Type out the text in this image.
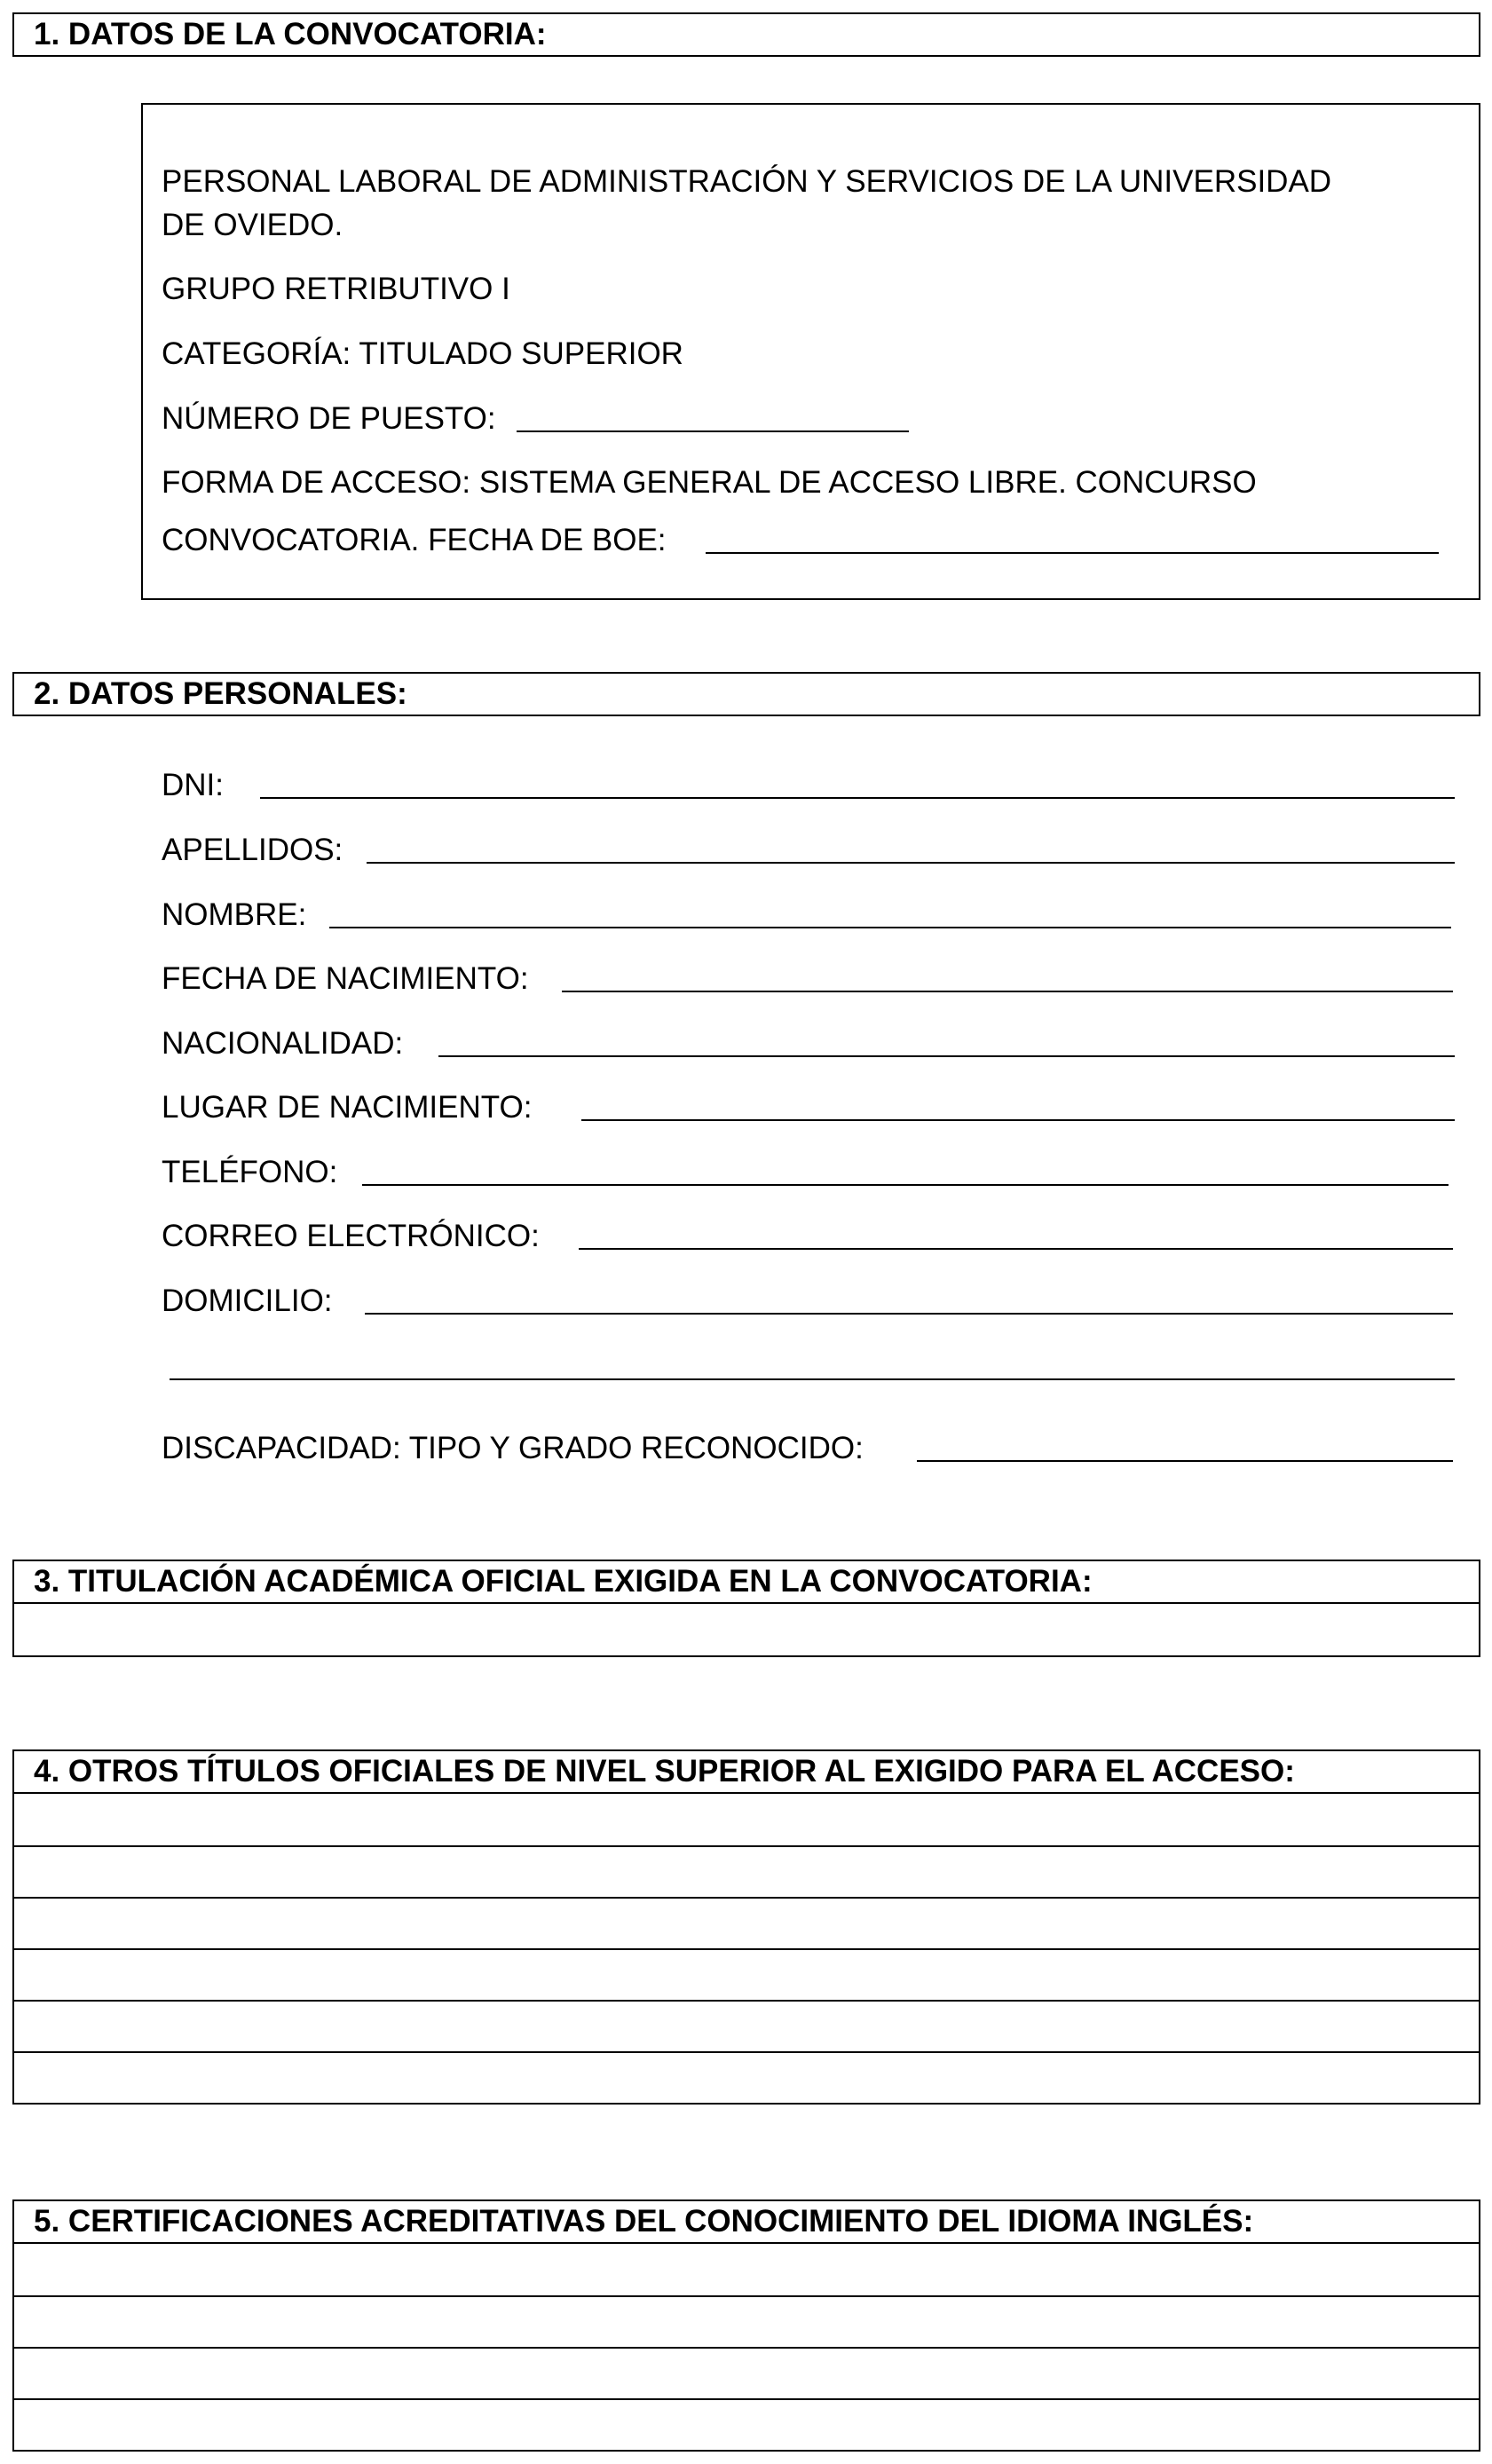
1. DATOS DE LA CONVOCATORIA:
PERSONAL LABORAL DE ADMINISTRACIÓN Y SERVICIOS DE LA UNIVERSIDAD
DE OVIEDO.
GRUPO RETRIBUTIVO I
CATEGORÍA: TITULADO SUPERIOR
NÚMERO DE PUESTO:
FORMA DE ACCESO: SISTEMA GENERAL DE ACCESO LIBRE. CONCURSO
CONVOCATORIA. FECHA DE BOE:
2. DATOS PERSONALES:
DNI:
APELLIDOS:
NOMBRE:
FECHA DE NACIMIENTO:
NACIONALIDAD:
LUGAR DE NACIMIENTO:
TELÉFONO:
CORREO ELECTRÓNICO:
DOMICILIO:
DISCAPACIDAD: TIPO Y GRADO RECONOCIDO:
3. TITULACIÓN ACADÉMICA OFICIAL EXIGIDA EN LA CONVOCATORIA:
4. OTROS TÍTULOS OFICIALES DE NIVEL SUPERIOR AL EXIGIDO PARA EL ACCESO:
5. CERTIFICACIONES ACREDITATIVAS DEL CONOCIMIENTO DEL IDIOMA INGLÉS:
